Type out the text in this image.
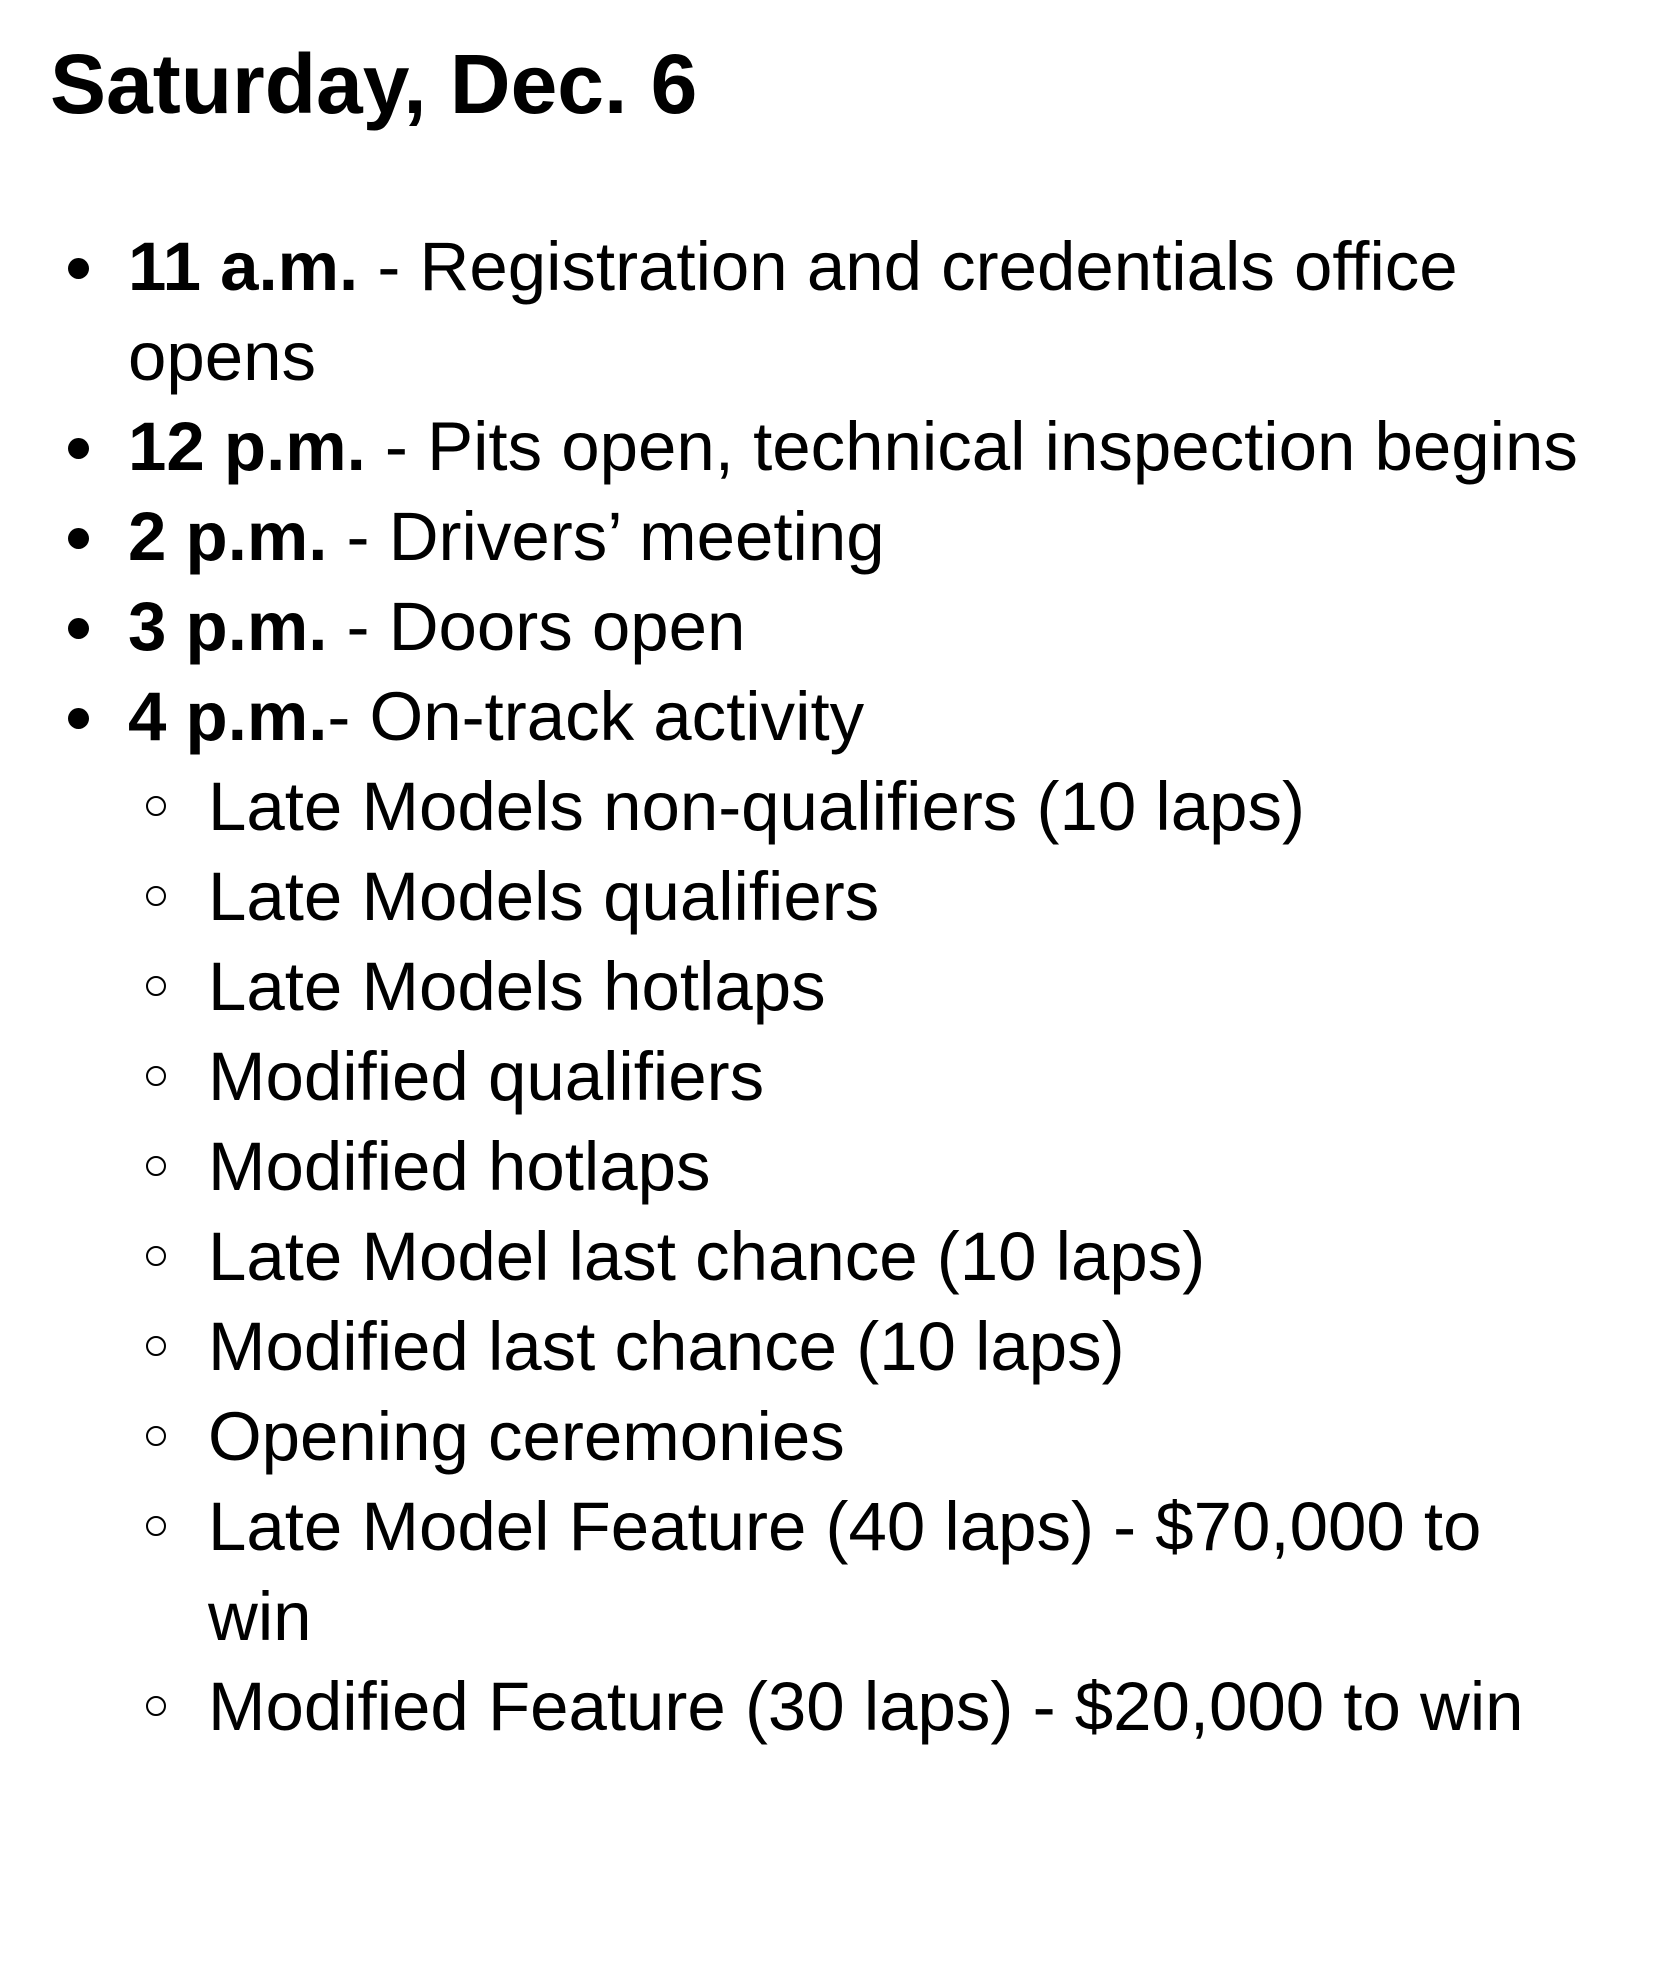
Saturday, Dec. 6
11 a.m. - Registration and credentials office opens
12 p.m. - Pits open, technical inspection begins
2 p.m. - Drivers’ meeting
3 p.m. - Doors open
4 p.m.- On-track activity
Late Models non-qualifiers (10 laps)
Late Models qualifiers
Late Models hotlaps
Modified qualifiers
Modified hotlaps
Late Model last chance (10 laps)
Modified last chance (10 laps)
Opening ceremonies
Late Model Feature (40 laps) - $70,000 to win
Modified Feature (30 laps) - $20,000 to win
